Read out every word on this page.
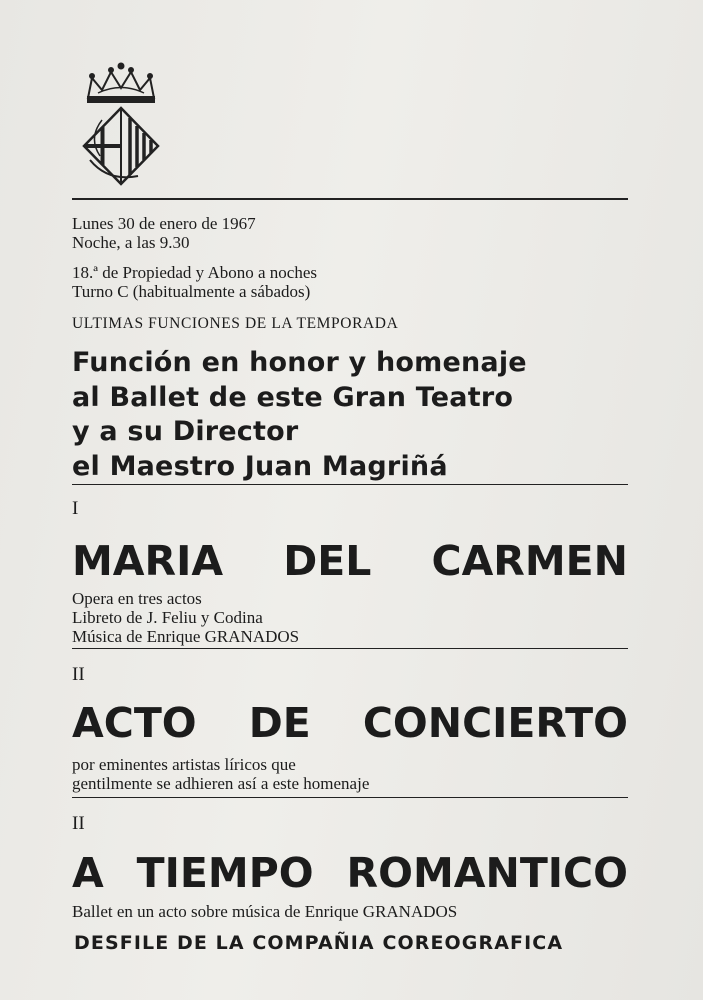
Lunes 30 de enero de 1967
Noche, a las 9.30
18.ª de Propiedad y Abono a noches
Turno C (habitualmente a sábados)
ULTIMAS FUNCIONES DE LA TEMPORADA
Función en honor y homenaje
al Ballet de este Gran Teatro
y a su Director
el Maestro Juan Magriñá
I
MARIA DEL CARMEN
Opera en tres actos
Libreto de J. Feliu y Codina
Música de Enrique GRANADOS
II
ACTO DE CONCIERTO
por eminentes artistas líricos que
gentilmente se adhieren así a este homenaje
II
A TIEMPO ROMANTICO
Ballet en un acto sobre música de Enrique GRANADOS
DESFILE DE LA COMPAÑIA COREOGRAFICA
